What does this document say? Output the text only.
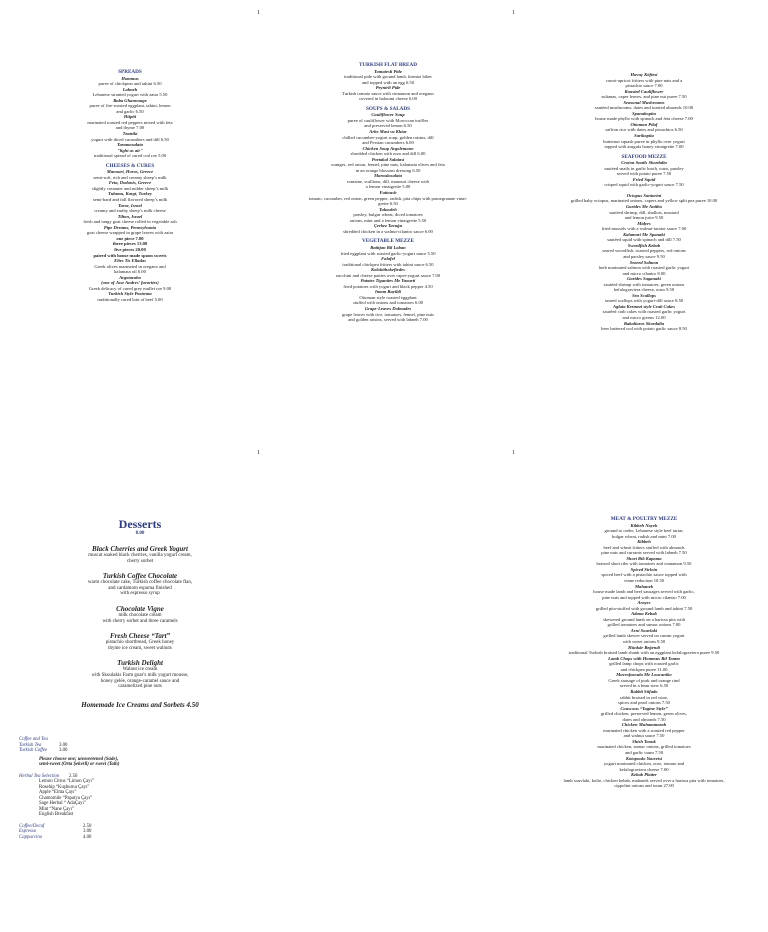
1	1
1	1
SPREADS
Hommus
puree of chickpeas and tahini 6.50
Labneh
Lebanese strained yogurt with zatar 5.50
Baba Ghannouge
puree of fire-roasted eggplant, tahini, lemon
and garlic 6.50
Htipiti
marinated roasted red peppers mixed with feta
and thyme 7.00
Tzatziki
yogurt with diced cucumbers and dill 6.50
Taramosalata
"light as air"
traditional spread of cured cod roe 5.00
CHEESES & CURES
Manouri, Horos, Greece
semi-soft, rich and creamy sheep’s milk
Feta, Dodonis, Greece
slightly creamier and milder sheep’s milk
Tulumu, Kargi, Turkey
semi-hard and full flavored sheep’s milk
Tavor, Israel
creamy and earthy sheep’s milk cheese
Tilton, Israel
fresh and tangy goat cheese rolled in vegetable ash
Pipe Dreams, Pennsylvania
goat cheese wrapped in grape leaves with zatar
one piece 7.00
three pieces 13.00
five pieces 20.00
paired with house made spoon sweets
Elies Tis Elladas
Greek olives marinated in oregano and
kalamata oil 6.00
Avgotaraho
(one of Jose Andres’ favorites)
Greek delicacy of cured grey mullet roe 9.00
Turkish Style Pastırma
traditionally cured loin of beef 5.00
TURKISH FLAT BREAD
Tomatesli Pide
traditional pide with ground lamb, kirmizi biber
and topped with an egg 6.50
Peynirli Pide
Turkish tomato sauce with cinnamon and oregano
covered in haloumi cheese 6.00
SOUPS & SALADS
Cauliflower Soup
puree of cauliflower with Moroccan truffles
and preserved lemon 6.50
Arbe Mast va Khiar
chilled cucumber-yogurt soup, golden raisins, dill
and Persian cucumbers 6.00
Chicken Soup Avgolemono
shredded chicken with orzo and dill 6.00
Portakal Salatasi
oranges, red onion, fennel, pine nuts, kalamata olives and feta
in an orange blossom dressing 6.50
Maroulosalata
romaine, scallions, dill, manouri cheese with
a lemon vinaigrette 5.00
Fattoush
tomato, cucumber, red onion, green pepper, radish, pita chips with pomegranate vinai-
grette 6.50
Tabouleh
parsley, bulgur wheat, diced tomatoes
onions, mint and a lemon vinaigrette 5.50
Çerkez Tavuğu
shredded chicken in a walnut-cilantro sauce 6.00
VEGETABLE MEZZE
Batitjan Bil Laban
fried eggplant with roasted garlic-yogurt sauce 5.50
Falafel
traditional chickpea fritters with tahini sauce 6.50
Kolokithokeftedes
zucchini and cheese patties over caper-yogurt sauce 7.00
Patates Tiganites Me Yaourti
fried potatoes with yogurt and black pepper 4.50
Imam Bayildi
Ottoman style roasted eggplant
stuffed with onions and tomatoes 6.00
Grape-Leaves Dolmades
grape leaves with rice, tomatoes, fennel, pine nuts
and golden raisins, served with labneh 7.00
Havuç Köftesi
carrot-apricot fritters with pine nuts and a
pistachio sauce 7.00
Roasted Cauliflower
sultanas, caper leaves, and pine nut puree 7.50
Seasonal Mushrooms
sautéed mushrooms, dates and toasted almonds 10.00
Spanakopita
house made phyllo with spinach and feta cheese 7.00
Ottoman Pilaf
saffron rice with dates and pistachios 6.50
Sarikopita
butternut squash puree in phyllo over yogurt
topped with arugula honey vinaigrette 7.00
SEAFOOD MEZZE
Croton Snails Skordalia
sautéed snails in garlic broth, ouzo, parsley
served with potato puree 7.50
Fried Squid
crisped squid with garlic-yogurt sauce 7.50
Octopus Santorini
grilled baby octopus, marinated onions, capers and yellow split pea puree 10.00
Garides Me Anitho
sautéed shrimp, dill, shallots, mustard
and lemon juice 9.50
Midyes
fried mussels with a walnut-tarator sauce 7.00
Kalamari Me Spanaki
sautéed squid with spinach and dill 7.50
Swordfish Kebab
seared swordfish, roasted peppers, red onions
and parsley sauce 9.50
Seared Salmon
herb marinated salmon with roasted garlic yogurt
and micro cilantro 8.00
Garides Saganaki
sautéed shrimp with tomatoes, green onions
kefalograviera cheese, ouzo 9.50
Sea Scallops
seared scallops with yogurt-dill sauce 8.50
Aglaia Kremezi style Crab Cakes
sautéed crab cakes with roasted garlic yogurt
and micro greens 12.00
Bakaliaros Skordalia
beer battered cod with potato garlic sauce 8.50
MEAT & POULTRY MEZZE
Kibbeh Nayeh
ground to order; Lebanese style beef tartar,
bulgar wheat, radish and mint 7.00
Kibbeh
beef and wheat fritters stuffed with almonds
pine nuts and currants served with labneh 7.50
Short Rib Kapama
braised short ribs with tomatoes and cinnamon 9.50
Spiced Sirloin
spiced beef with a pistachio sauce topped with
vinne reduction 10.50
Mahanek
house made lamb and beef sausages served with garlic,
pine nuts and topped with micro cilantro 7.00
Arayes
grilled pita-stuffed with ground lamb and tahini 7.50
Adana Kebab
skewered ground lamb on a harissa pita with
grilled tomatoes and sumac onions 7.00
Arni Souvlaki
grilled lamb skewer served on cumin yogurt
with sweet onions 9.50
Hünkâr Beğendi
traditional Turkish braised lamb shank with an eggplant kefalograviera puree 9.50
Lamb Chops with Hommus Bil Tomm
grilled lamp chops with roasted garlic
and chickpea puree 11.00
Mavrofasoula Me Loucaniko
Greek sausage of pork and orange rind
served in a bean stew 6.50
Rabbit Stifado
rabbit braised in red wine,
spices and pearl onions 7.50
Couscous “Tagine Style”
grilled chicken, preserved lemon, green olives,
dates and almonds 7.50
Chicken Muhammarah
marinated chicken with a roasted red pepper
and walnut sauce 7.50
Shish Taouk
marinated chicken, sumac onions, grilled tomatoes
and garlic toum 7.50
Kotopoulo Youvetsi
yogurt marinated chicken, orzo, tomato and
kefalograviera cheese 7.00
Kebab Platter
lamb souvlaki, kofte, chicken kebab, mahanek served over a harissa pita with tomatoes,
cippolini onions and toum 27.00
Desserts
8.00
Black Cherries and Greek Yogurt
muscat soaked black cherries, vanilla yogurt cream,
cherry sorbet
Turkish Coffee Chocolate
warm chocolate cake, Turkish coffee chocolate flan,
and cardamom espuma finished
with espresso syrup
Chocolate Vigne
milk chocolate cream
with cherry sorbet and three caramels
Fresh Cheese “Tart”
pistachio shortbread, Greek honey
thyme ice cream, sweet walnuts
Turkish Delight
Walnut ice cream
with Skoulakis Farm goat’s milk yogurt mousse,
honey gelée, orange-caramel sauce and
caramelized pine nuts
Homemade Ice Creams and Sorbets 4.50
Coffee and Tea
Turkish Tea	3.00
Turkish Coffee	3.00
Please choose one; unsweetened (Sade),
semi-sweet (Orta Şekerli) or sweet (Tatlı)
Herbal Tea Selection	2.50
Lemon Citrus “Limon Çayı”
Rosehip “Kuşburnu Çayı”
Apple “Elma Çayı”
Chamomile “Papatya Çayı”
Sage Herbal “ AdaÇayı”
Mint “Nane Çayı”
English Breakfast
Coffee/Decaf	2.50
Espresso	3.00
Cappuccino	4.00
